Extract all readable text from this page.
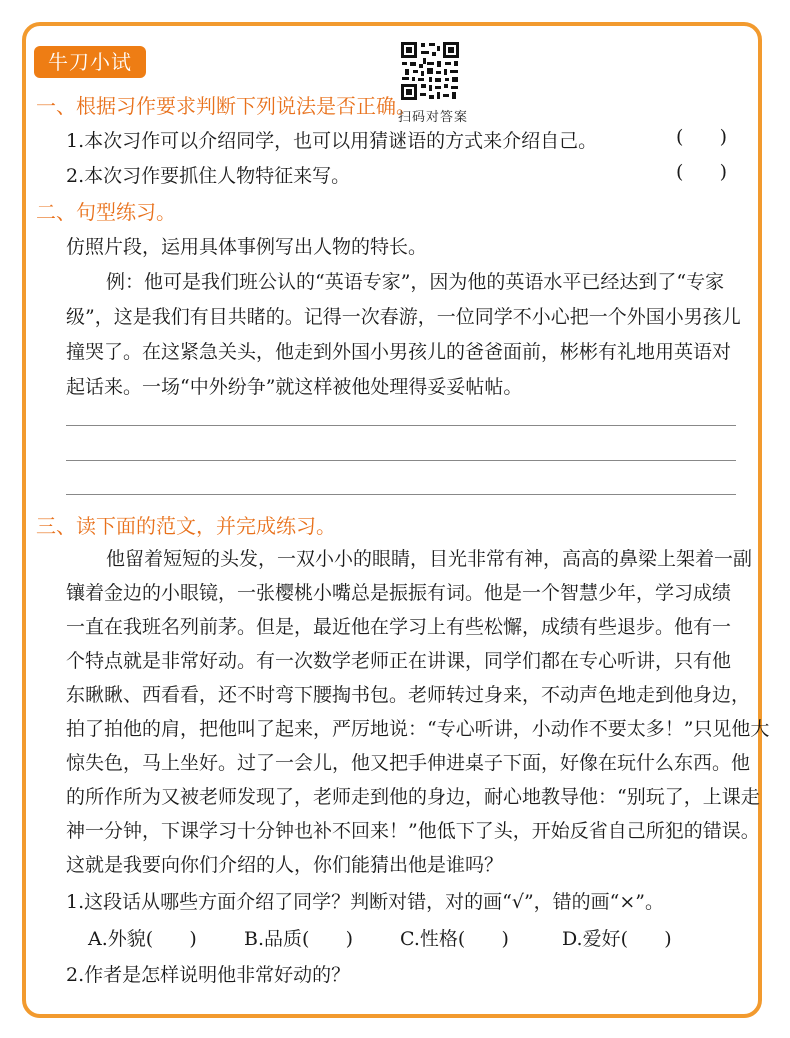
牛刀小试
扫码对答案
一、根据习作要求判断下列说法是否正确。
1.本次习作可以介绍同学，也可以用猜谜语的方式来介绍自己。	(      )
2.本次习作要抓住人物特征来写。	(      )
二、句型练习。
仿照片段，运用具体事例写出人物的特长。
例：他可是我们班公认的“英语专家”，因为他的英语水平已经达到了“专家
级”，这是我们有目共睹的。记得一次春游，一位同学不小心把一个外国小男孩儿
撞哭了。在这紧急关头，他走到外国小男孩儿的爸爸面前，彬彬有礼地用英语对
起话来。一场“中外纷争”就这样被他处理得妥妥帖帖。
三、读下面的范文，并完成练习。
他留着短短的头发，一双小小的眼睛，目光非常有神，高高的鼻梁上架着一副
镶着金边的小眼镜，一张樱桃小嘴总是振振有词。他是一个智慧少年，学习成绩
一直在我班名列前茅。但是，最近他在学习上有些松懈，成绩有些退步。他有一
个特点就是非常好动。有一次数学老师正在讲课，同学们都在专心听讲，只有他
东瞅瞅、西看看，还不时弯下腰掏书包。老师转过身来，不动声色地走到他身边，
拍了拍他的肩，把他叫了起来，严厉地说：“专心听讲，小动作不要太多！”只见他大
惊失色，马上坐好。过了一会儿，他又把手伸进桌子下面，好像在玩什么东西。他
的所作所为又被老师发现了，老师走到他的身边，耐心地教导他：“别玩了，上课走
神一分钟，下课学习十分钟也补不回来！”他低下了头，开始反省自己所犯的错误。
这就是我要向你们介绍的人，你们能猜出他是谁吗？
1.这段话从哪些方面介绍了同学？判断对错，对的画“√”，错的画“×”。
A.外貌(      ) B.品质(      ) C.性格(      )	D.爱好(      )
2.作者是怎样说明他非常好动的？
